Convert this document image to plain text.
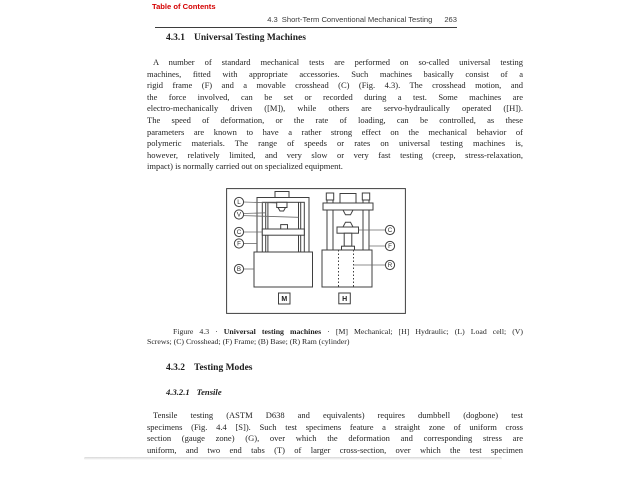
Table of Contents
4.3 Short-Term Conventional Mechanical Testing 263
4.3.1 Universal Testing Machines
A number of standard mechanical tests are performed on so-called universal testing
machines, fitted with appropriate accessories. Such machines basically consist of a
rigid frame (F) and a movable crosshead (C) (Fig. 4.3). The crosshead motion, and
the force involved, can be set or recorded during a test. Some machines are
electro-mechanically driven ([M]), while others are servo-hydraulically operated ([H]).
The speed of deformation, or the rate of loading, can be controlled, as these
parameters are known to have a rather strong effect on the mechanical behavior of
polymeric materials. The range of speeds or rates on universal testing machines is,
however, relatively limited, and very slow or very fast testing (creep, stress-relaxation,
impact) is normally carried out on specialized equipment.
M
L
V
C
F
B
H
C
F
R
Figure 4.3 · Universal testing machines · [M] Mechanical; [H] Hydraulic; (L) Load cell; (V)
Screws; (C) Crosshead; (F) Frame; (B) Base; (R) Ram (cylinder)
4.3.2 Testing Modes
4.3.2.1 Tensile
Tensile testing (ASTM D638 and equivalents) requires dumbbell (dogbone) test
specimens (Fig. 4.4 [S]). Such test specimens feature a straight zone of uniform cross
section (gauge zone) (G), over which the deformation and corresponding stress are
uniform, and two end tabs (T) of larger cross-section, over which the test specimen
